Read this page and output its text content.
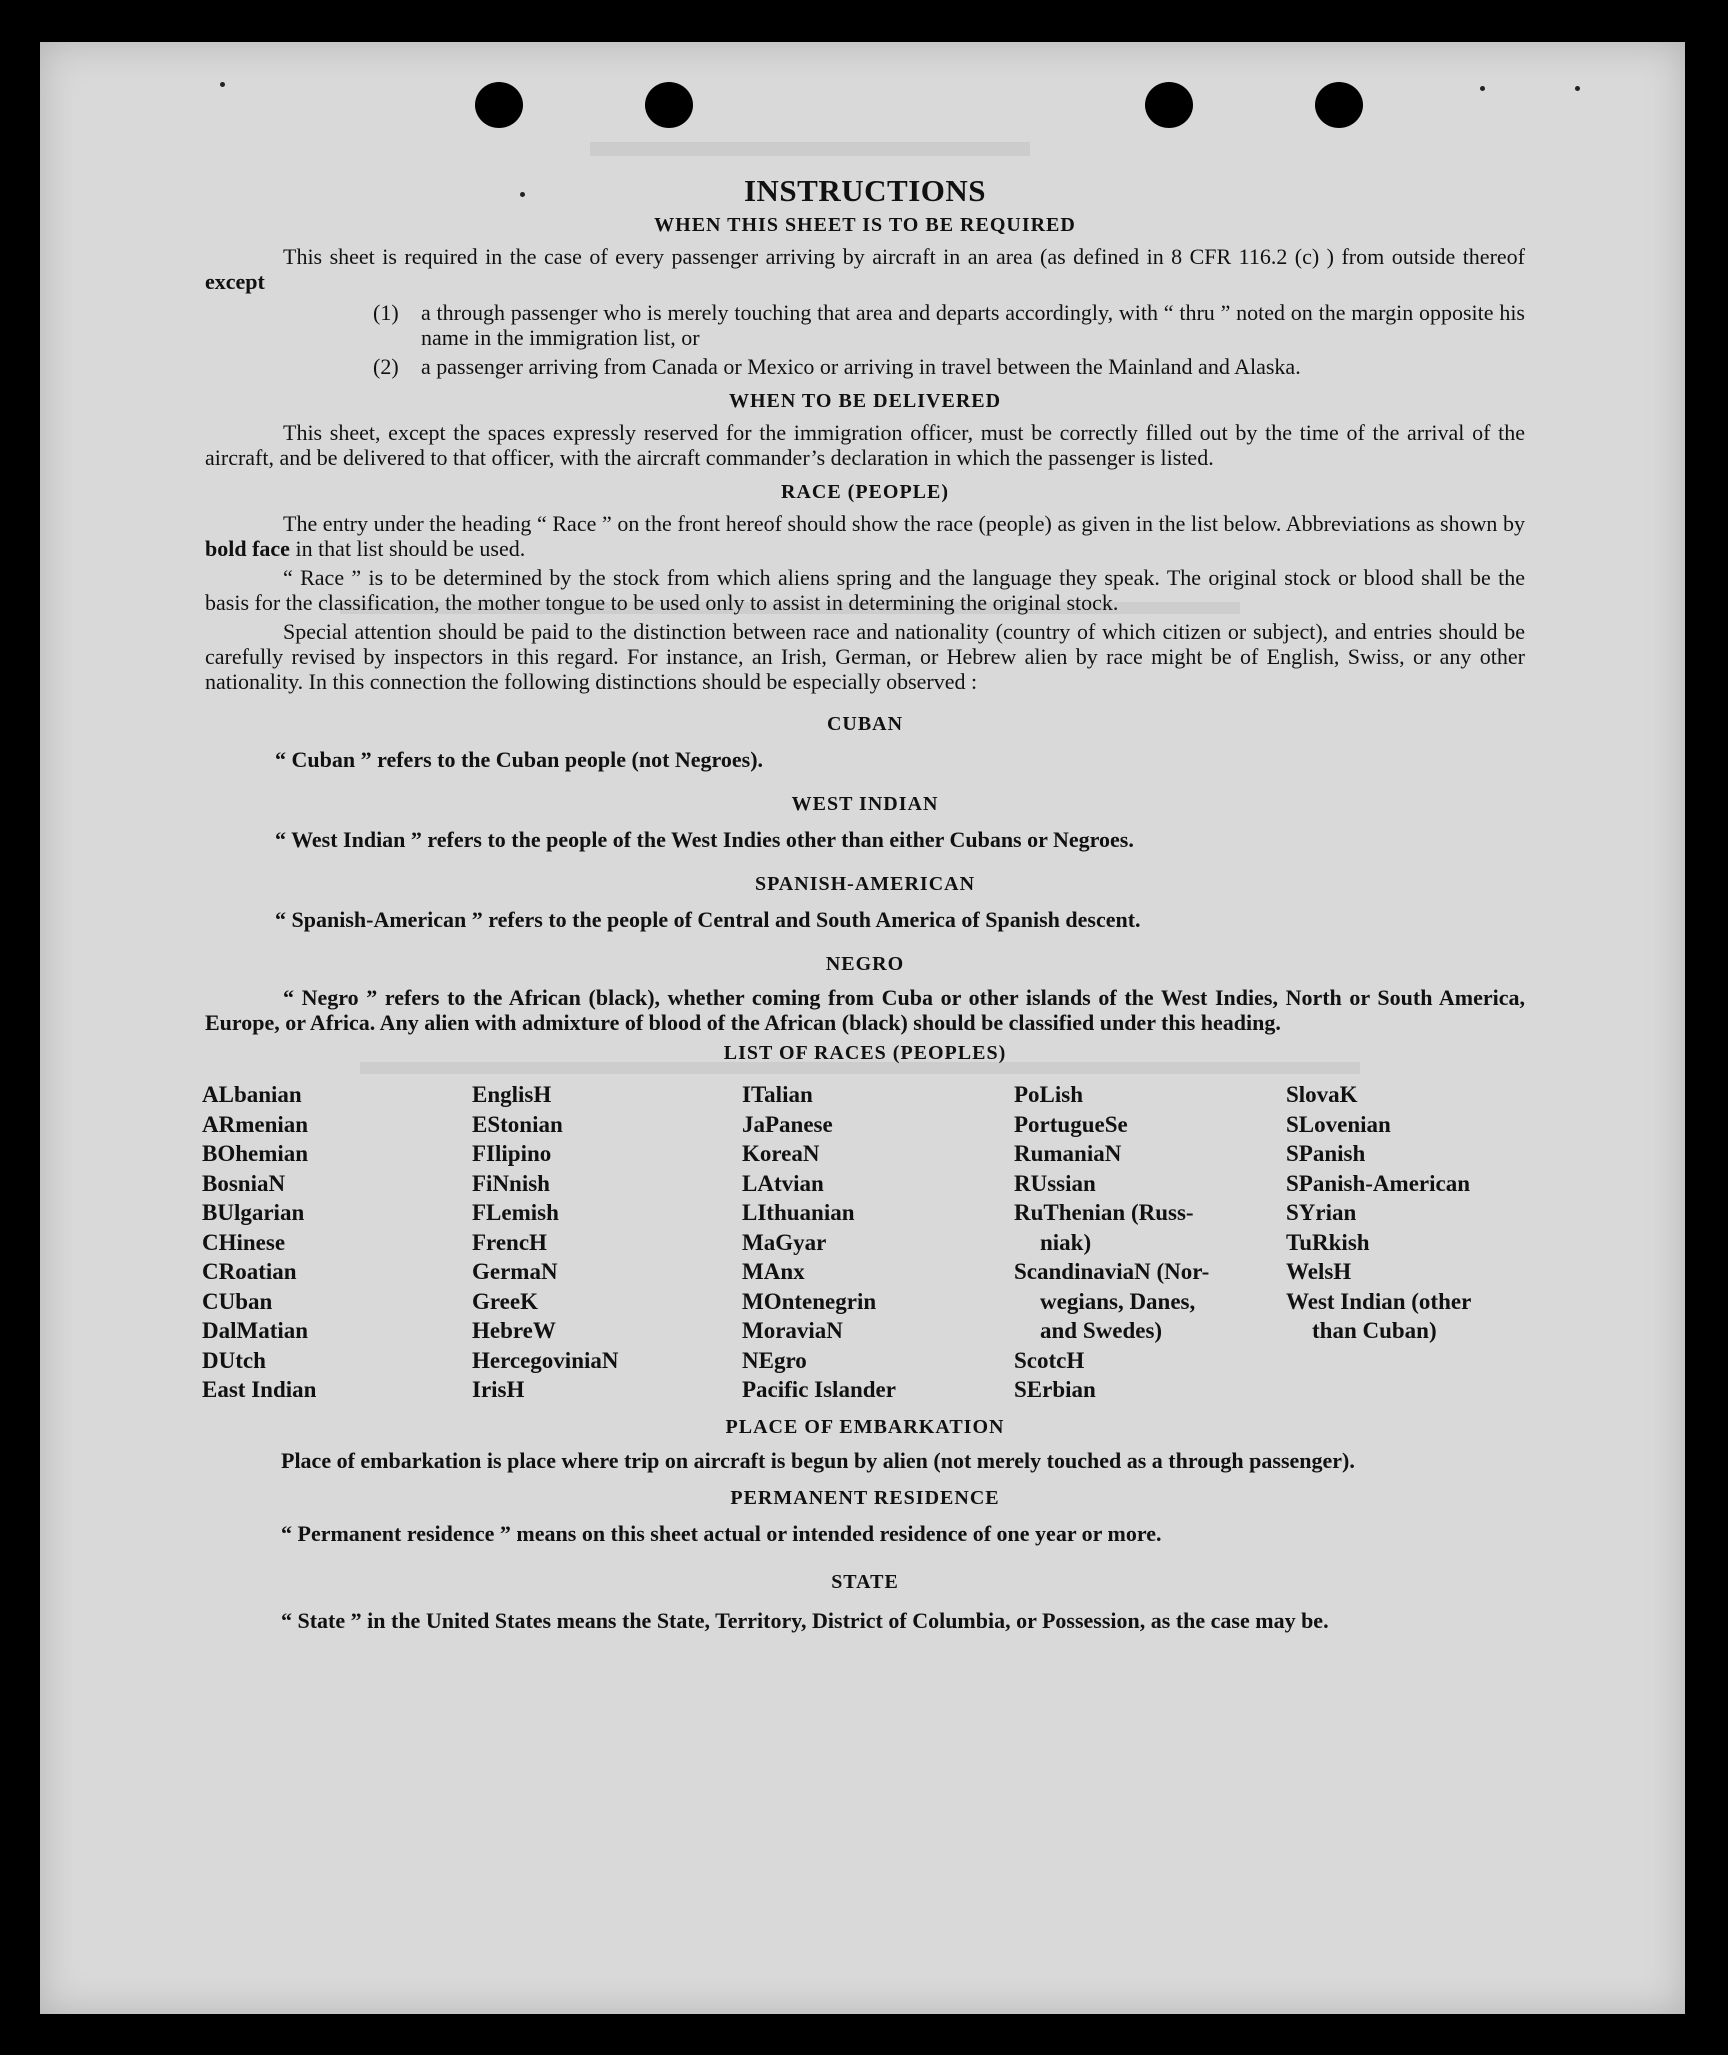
INSTRUCTIONS
WHEN THIS SHEET IS TO BE REQUIRED
This sheet is required in the case of every passenger arriving by aircraft in an area (as defined in 8 CFR 116.2 (c) ) from outside thereof except
(1)	a through passenger who is merely touching that area and departs accordingly, with “ thru ” noted on the margin opposite his name in the immigration list, or
(2)	a passenger arriving from Canada or Mexico or arriving in travel between the Mainland and Alaska.
WHEN TO BE DELIVERED
This sheet, except the spaces expressly reserved for the immigration officer, must be correctly filled out by the time of the arrival of the aircraft, and be delivered to that officer, with the aircraft commander’s declaration in which the passenger is listed.
RACE (PEOPLE)
The entry under the heading “ Race ” on the front hereof should show the race (people) as given in the list below. Abbreviations as shown by bold face in that list should be used.
“ Race ” is to be determined by the stock from which aliens spring and the language they speak. The original stock or blood shall be the basis for the classification, the mother tongue to be used only to assist in determining the original stock.
Special attention should be paid to the distinction between race and nationality (country of which citizen or subject), and entries should be carefully revised by inspectors in this regard. For instance, an Irish, German, or Hebrew alien by race might be of English, Swiss, or any other nationality. In this connection the following distinctions should be especially observed :
CUBAN
“ Cuban ” refers to the Cuban people (not Negroes).
WEST INDIAN
“ West Indian ” refers to the people of the West Indies other than either Cubans or Negroes.
SPANISH-AMERICAN
“ Spanish-American ” refers to the people of Central and South America of Spanish descent.
NEGRO
“ Negro ” refers to the African (black), whether coming from Cuba or other islands of the West Indies, North or South America, Europe, or Africa. Any alien with admixture of blood of the African (black) should be classified under this heading.
LIST OF RACES (PEOPLES)
ALbanian
ARmenian
BOhemian
BosniaN
BUlgarian
CHinese
CRoatian
CUban
DalMatian
DUtch
East Indian
EnglisH
EStonian
FIlipino
FiNnish
FLemish
FrencH
GermaN
GreeK
HebreW
HercegoviniaN
IrisH
ITalian
JaPanese
KoreaN
LAtvian
LIthuanian
MaGyar
MAnx
MOntenegrin
MoraviaN
NEgro
Pacific Islander
PoLish
PortugueSe
RumaniaN
RUssian
RuThenian (Russ-
niak)
ScandinaviaN (Nor-
wegians, Danes,
and Swedes)
ScotcH
SErbian
SlovaK
SLovenian
SPanish
SPanish-American
SYrian
TuRkish
WelsH
West Indian (other
than Cuban)
PLACE OF EMBARKATION
Place of embarkation is place where trip on aircraft is begun by alien (not merely touched as a through passenger).
PERMANENT RESIDENCE
“ Permanent residence ” means on this sheet actual or intended residence of one year or more.
STATE
“ State ” in the United States means the State, Territory, District of Columbia, or Possession, as the case may be.
